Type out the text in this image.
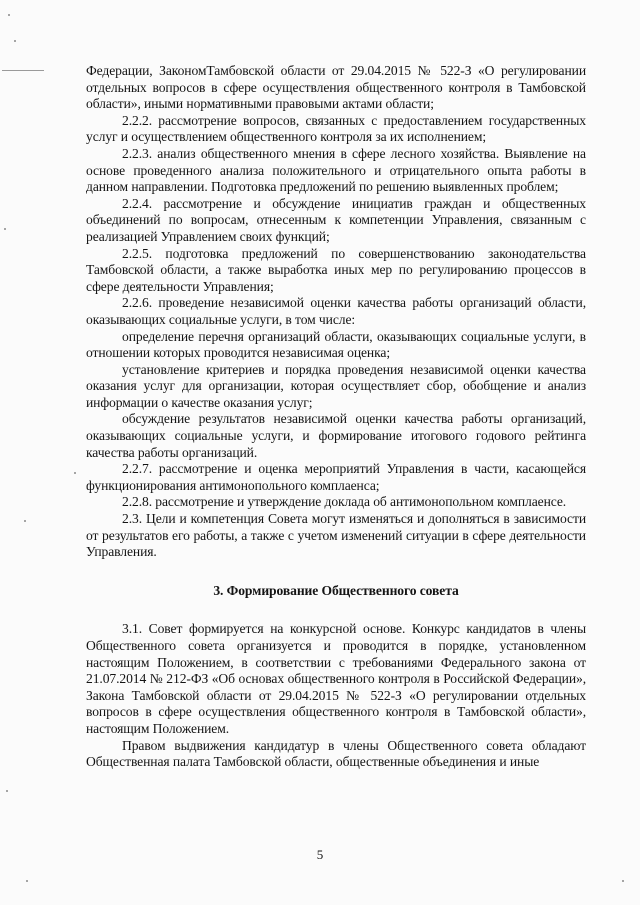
Федерации, ЗакономТамбовской области от 29.04.2015 № 522-З «О регулировании отдельных вопросов в сфере осуществления общественного контроля в Тамбовской области», иными нормативными правовыми актами области;

2.2.2. рассмотрение вопросов, связанных с предоставлением государственных услуг и осуществлением общественного контроля за их исполнением;

2.2.3. анализ общественного мнения в сфере лесного хозяйства. Выявление на основе проведенного анализа положительного и отрицательного опыта работы в данном направлении. Подготовка предложений по решению выявленных проблем;

2.2.4. рассмотрение и обсуждение инициатив граждан и общественных объединений по вопросам, отнесенным к компетенции Управления, связанным с реализацией Управлением своих функций;

2.2.5. подготовка предложений по совершенствованию законодательства Тамбовской области, а также выработка иных мер по регулированию процессов в сфере деятельности Управления;

2.2.6. проведение независимой оценки качества работы организаций области, оказывающих социальные услуги, в том числе:

определение перечня организаций области, оказывающих социальные услуги, в отношении которых проводится независимая оценка;

установление критериев и порядка проведения независимой оценки качества оказания услуг для организации, которая осуществляет сбор, обобщение и анализ информации о качестве оказания услуг;

обсуждение результатов независимой оценки качества работы организаций, оказывающих социальные услуги, и формирование итогового годового рейтинга качества работы организаций.

2.2.7. рассмотрение и оценка мероприятий Управления в части, касающейся функционирования антимонопольного комплаенса;

2.2.8. рассмотрение и утверждение доклада об антимонопольном комплаенсе.

2.3. Цели и компетенция Совета могут изменяться и дополняться в зависимости от результатов его работы, а также с учетом изменений ситуации в сфере деятельности Управления.

3. Формирование Общественного совета

3.1. Совет формируется на конкурсной основе. Конкурс кандидатов в члены Общественного совета организуется и проводится в порядке, установленном настоящим Положением, в соответствии с требованиями Федерального закона от 21.07.2014 № 212-ФЗ «Об основах общественного контроля в Российской Федерации», Закона Тамбовской области от 29.04.2015 № 522-З «О регулировании отдельных вопросов в сфере осуществления общественного контроля в Тамбовской области», настоящим Положением.

Правом выдвижения кандидатур в члены Общественного совета обладают Общественная палата Тамбовской области, общественные объединения и иные

5
